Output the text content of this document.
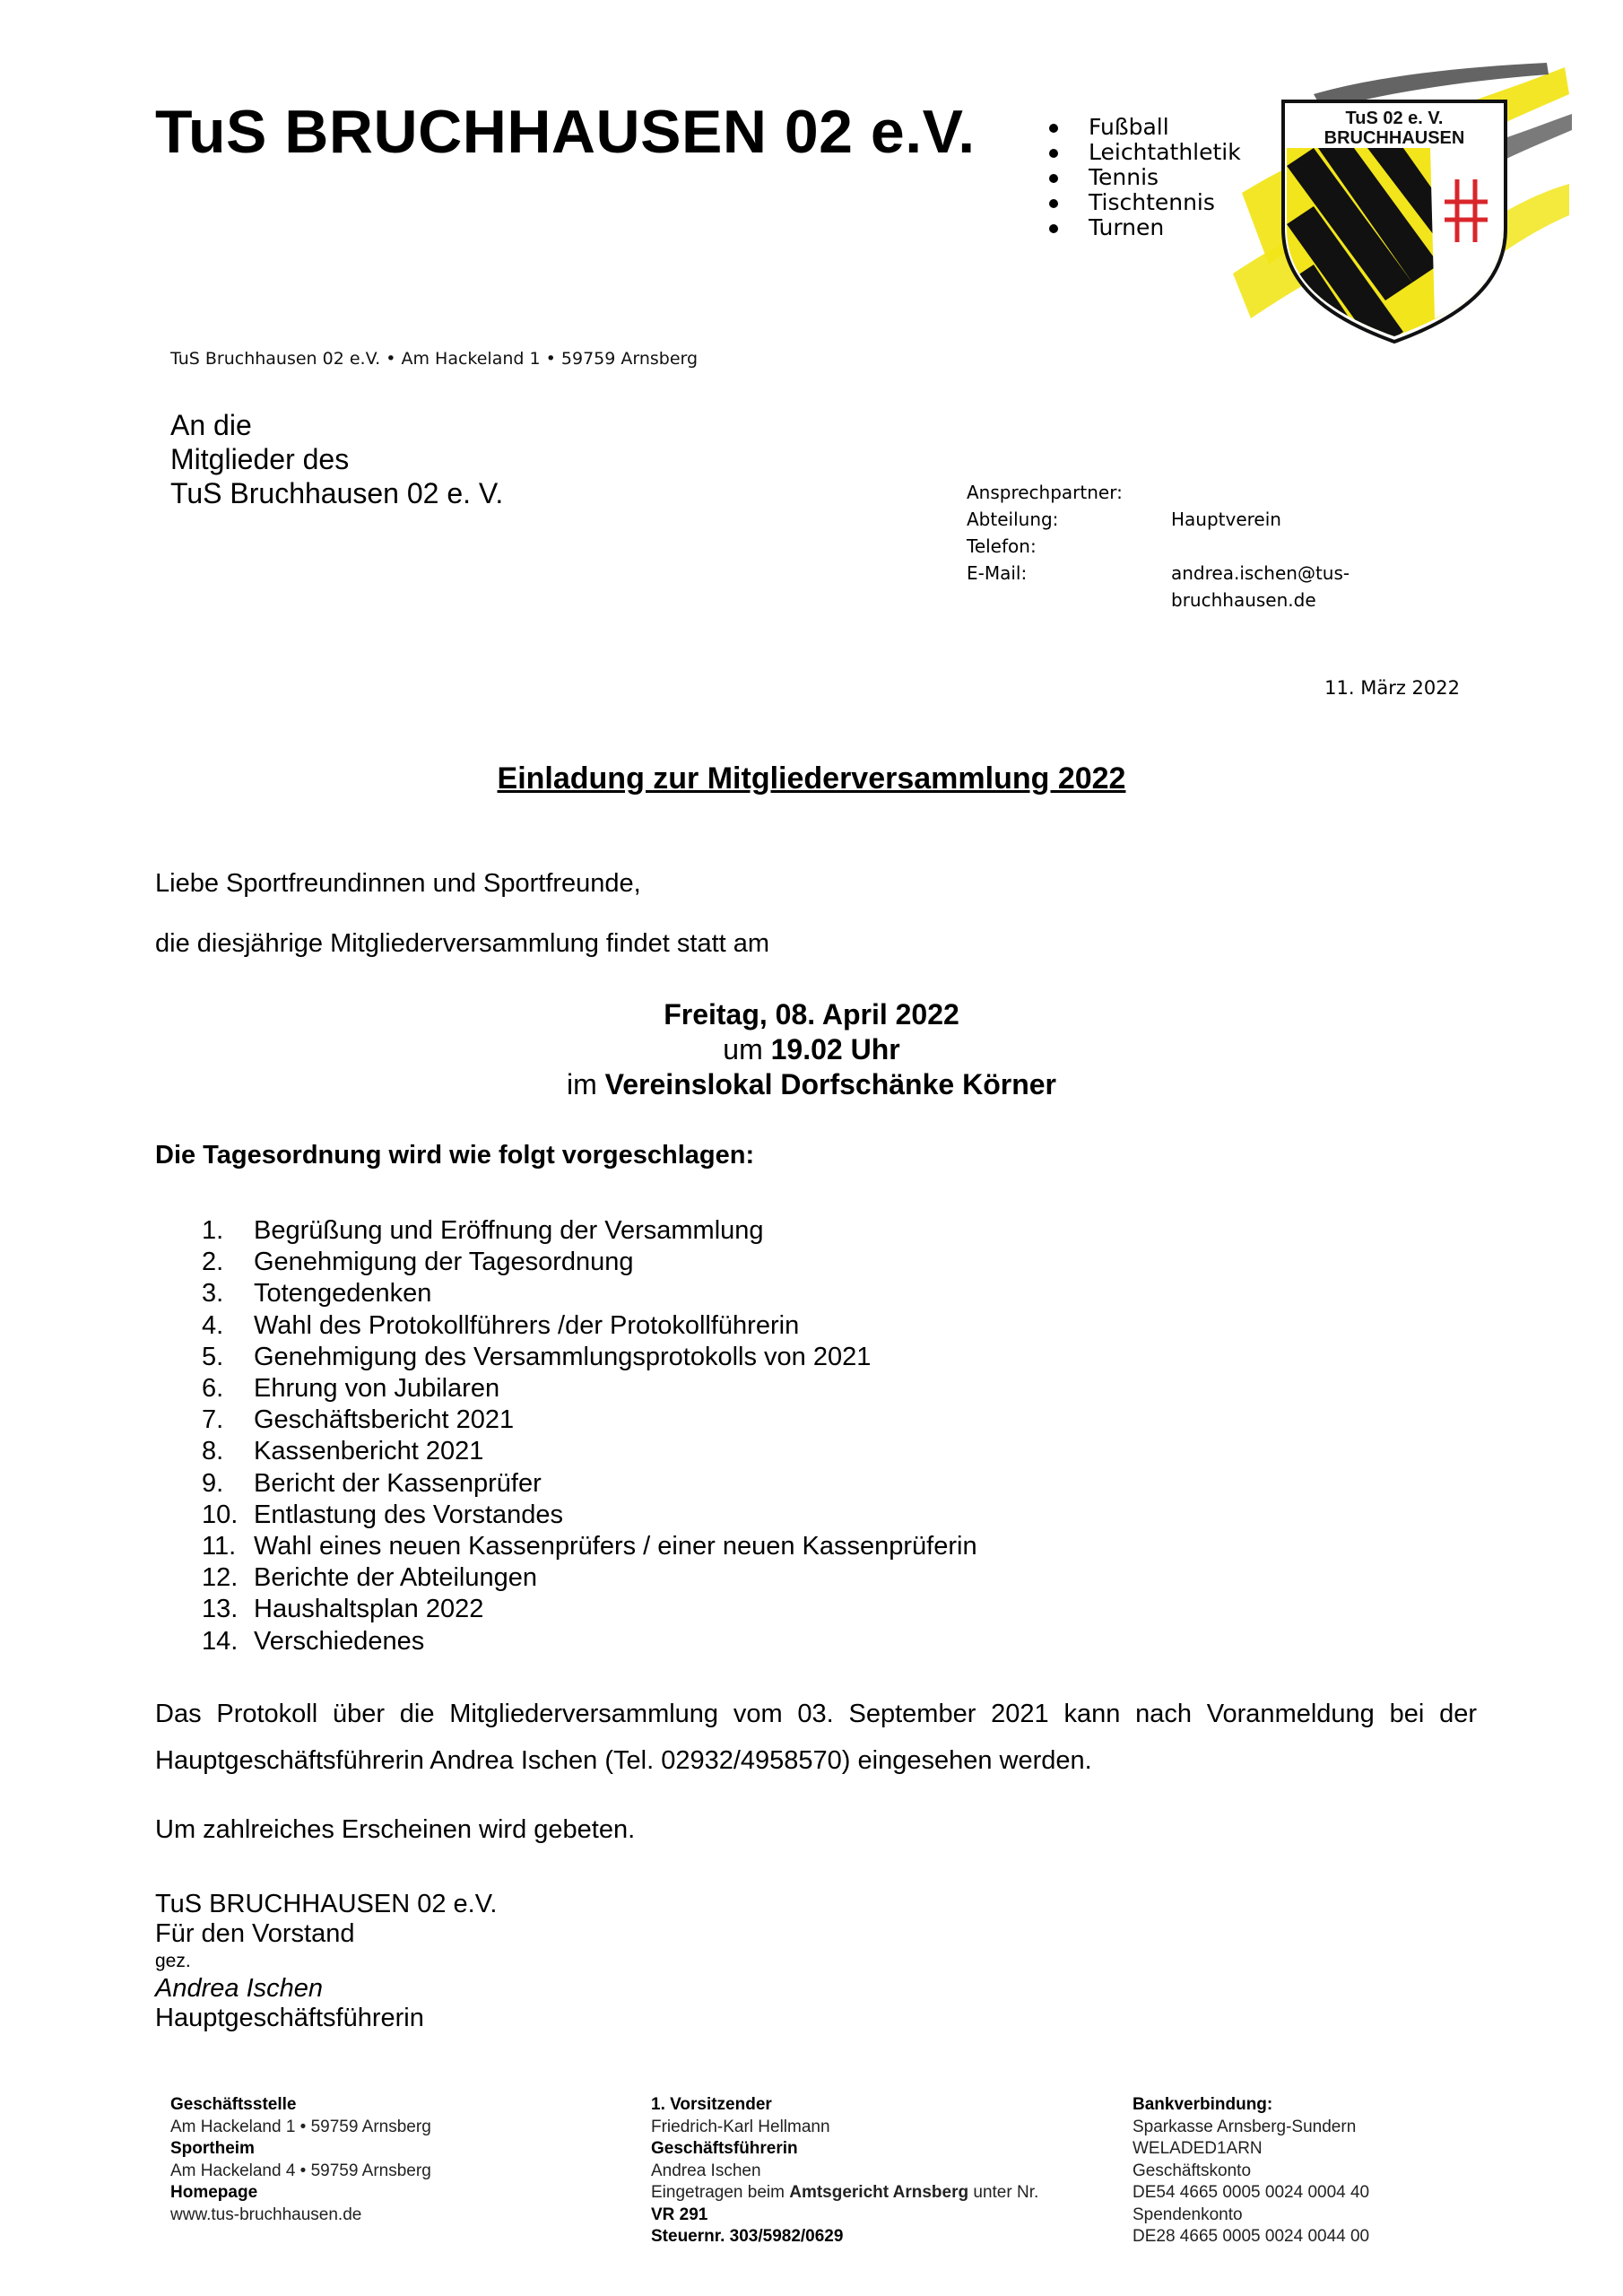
TuS BRUCHHAUSEN 02 e.V.	Fußball
Leichtathletik
Tennis
Tischtennis
Turnen
TuS 02 e. V.
BRUCHHAUSEN
TuS Bruchhausen 02 e.V. • Am Hackeland 1 • 59759 Arnsberg
An die
Mitglieder des
TuS Bruchhausen 02 e. V.	Ansprechpartner:
Abteilung:	Hauptverein
Telefon:
E-Mail:	andrea.ischen@tus-bruchhausen.de
11. März 2022
Einladung zur Mitgliederversammlung 2022
Liebe Sportfreundinnen und Sportfreunde,
die diesjährige Mitgliederversammlung findet statt am
Freitag, 08. April 2022
um 19.02 Uhr
im Vereinslokal Dorfschänke Körner
Die Tagesordnung wird wie folgt vorgeschlagen:
1.	Begrüßung und Eröffnung der Versammlung
2.	Genehmigung der Tagesordnung
3.	Totengedenken
4.	Wahl des Protokollführers /der Protokollführerin
5.	Genehmigung des Versammlungsprotokolls von 2021
6.	Ehrung von Jubilaren
7.	Geschäftsbericht 2021
8.	Kassenbericht 2021
9.	Bericht der Kassenprüfer
10. Entlastung des Vorstandes
11. Wahl eines neuen Kassenprüfers / einer neuen Kassenprüferin
12. Berichte der Abteilungen
13. Haushaltsplan 2022
14. Verschiedenes
Das Protokoll über die Mitgliederversammlung vom 03. September 2021 kann nach Voranmeldung bei der Hauptgeschäftsführerin Andrea Ischen (Tel. 02932/4958570) eingesehen werden.
Um zahlreiches Erscheinen wird gebeten.
TuS BRUCHHAUSEN 02 e.V.
Für den Vorstand
gez.
Andrea Ischen
Hauptgeschäftsführerin
Geschäftsstelle
Am Hackeland 1 • 59759 Arnsberg
Sportheim
Am Hackeland 4 • 59759 Arnsberg
Homepage
www.tus-bruchhausen.de
1. Vorsitzender
Friedrich-Karl Hellmann
Geschäftsführerin
Andrea Ischen
Eingetragen beim Amtsgericht Arnsberg unter Nr.
VR 291
Steuernr. 303/5982/0629
Bankverbindung:
Sparkasse Arnsberg-Sundern
WELADED1ARN
Geschäftskonto
DE54 4665 0005 0024 0004 40
Spendenkonto
DE28 4665 0005 0024 0044 00
